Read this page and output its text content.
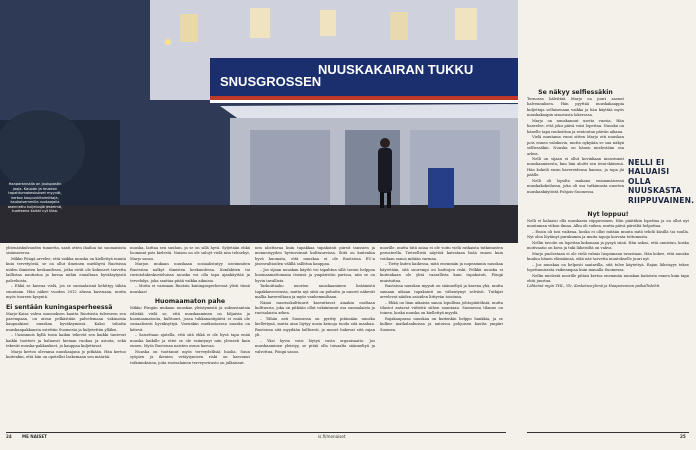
SNUSGROSSEN
NUUSKAKAIRAN TUKKU
Haaparannalla on joulupostin jaaja. Kaupan ja museon tapahtumakeskukset myyvät, kertoo kaupunkitoimittaja, kaukaisemmilla ruokaajalla asennettu kuljetusjärjestelmä, tuotteena kaikki nyt tilaa.

yhtenäiskulvauden tunnetta, saati otten ihailua tai suomaisista sisämaveroa.

Mikko Pöngä arvelee, että vaikka nuuska on kiellettyä muuta kuin tervetyöstä, se on ollut ilmeinen mielihyvä Ruotsissa niiden ihmisten keskuudessa, jotka eivät ole kokeneet tarvetta laillistaa nautintoa ja kuvaa niihin ennaltaan hyväksytyistä palveluista.

– Ehkä se kasvaa vielä, jos se suomalaisnä kehittyy tähän suuntaan. Hän näkee vuoden 2012 alussa kasvuaan, mutta myös tuoreen kysyntä.

Ei sentään kuningasperheessä

Marjo-Kaisa vahva muonoksen kautta Ruotsista tuleeseen sen parempaan, on aivan pelkästään palvelemaan vakinaisia kaupunkiasi nuuskan hyväksymissä. Kaksi tuhatta nuuskanpakkausta ostettiin Suomesta ja kuljetettiin ylläksi.

– Uusmmuis kyllä tosin kaikin tekevät sen kaikki tuntevat kaikki tuotteet ja haluavat hieman ruokaa ja asioita, sekä tekevät nuuska-pakkaukset, ja kauppaa kuljettavat.

Marjo kertoo olevansa nuuskaajana jo pitkään. Hän kertoo kuitenkin, että hän on opetellut laskemaan sen määrää.

nuuska, laittaa sen suuhun, ja se on sillä hyvä. Syljetään ehkä loommat pois kielestä. Naisen on ole suloyt vielä niin tehnehyt, Marjo sanoo.

Marjon mukaan nuuskaan sosiaalistutyy useimmiten Ruotsissa nalkyt ihmisten keskuudessa. Konfaktien tai ravintolakeskusteluissa nuuska voi olla tapa ajankäyttää ja tervehdys, joka saattaa pitää vaikka aikuisia.

– Mutta ei varmaan Ruotsin kuningasperheessä ylisti tässä nuuskaa!

Huomaamaton pahe

Mikko Pöngän mukaan nuuskan yleistymistä ja suksustantsia edistää vielä se, että nuuskaaminen on hiljaista ja huomaamatonta, kulttuuri, jossa tuhkanantipäivä ei enää ole sosiaalisesti hyväksyttyä. Varsinkin matkustaessa nuuska on kätevä.

– Saisettaan ajatella, että sitä ehkä ei ole hyvä tapa enää nuuska kaikille ja ettei se ole esiintynyt niin yleisesti kuin ennen. Myös Ruotsissa naisten osuus kasvaa.

Nuuska on tuottanut myös terveydellisiä huolia. Suun syöpien ja ikenien vetäytymisen riski on kasvanut tutkimuksissa, joita ruotsalainen terveysvirasto on julkaissut.

nen aloittavaa kuin tupakkaa tupakointi piirsit tanssien ja menneisyyden hyvinvoinnit kulttuureissa. Siitä on kuitenkin hyvä huomata, että nuuskaa ei ole Ruotsissa EU:n jäsenvaltioiden välillä sallittua kauppaa.

– Jos sijaan nuuskan käyttö voi tapahtua sillä tavoin helppoa huomaamattomana itsensä ja ympäristön parissa, niin se on hyvin tavallista.

Tarkoittaako nuorten nuuskaaminen lisäämistä tupakkaverotusta, mutta nyt siitä on puhuttu ja nuoret näkevät mallia kavereiltaan ja myös vanhemmiltaan.

Nämä nuorisokulttuurit kasvattavat ainakin osaltaan kulttuuria, joka on pitkään ollut vakiintunut osa suomalaista ja ruotsalaista arkea.

– Tähän asti Suomessa on pyritty pitämään nuuska kiellettynä, mutta aina löytyy uusia keinoja tuoda sitä maahan. Ruotsissa sitä myydään laillisesti, ja monet hakevat sitä rajan yli.

– Yksi hyvin voisi löytyä vasta organisaatio. Jos nuuskaaminen yleistyy, se pitää olla toisaalta säänneltyä ja valvottua, Pöngä sanoo.

nuorille, mutta tätä asiaa ei ole voitu vielä ratkaista tutkimusten perusteella. Tieteellistä näyttöä kaivataan lisää ennen kuin voidaan sanoa mitään varmaa.

– Tietty kuten kaikessa, mitä enemmän ja nopeammin nuuskaa käytetään, sitä suurempi on haittojen riski. Pelkkä nuuska ei kuitenkaan ole yhtä vaarallista kuin tupakointi, Pöngä muistuttaa.

Ruotsissa nuuskan myynti on säänneltyä ja kasvaa yhä, mutta samaan aikaan tupakointi on vähentynyt selvästi. Tutkijat arvelevat näiden asioiden liittyvän toisiinsa.

– Ehkä on liian aikaista sanoa lopullisia johtopäätöksiä, mutta tilastot antavat viitteitä siihen suuntaan. Suomessa tilanne on toinen, koska nuuska on kiellettyä myydä.

Rajakaupassa nuuskaa on kuitenkin helppo hankkia, ja se kulkee matkalaukuissa ja autoissa pohjoisen kautta ympäri Suomea.

Se näkyy selfiessäkin

Tornossa hälvittää Marjo on juuri saanut halvennuksen. Hän pyyttää nuuskakaappia kuljettaja sellaisenaan vaikka ja hän käyttää myös nuuskakaapin sisustusta lokerossa.

Marjo on nuuskannut useita vuosia. Hän haavelee, että joku päivä voisi lopettaa. Nuuska on hänelle tapa rauhoittua ja rentoutua päivän aikana.

Vielä muutama vuosi sitten Marjo otti nuuskan pois ennen valokuvia, mutta nykyään se saa näkyä selfiessäkin. Nuuska on hänen mielestään osa arkea.

Nelli on sijaan ei ollut kovinkaan innostunut nuuskaamisesta, kun hän aloitti sen teini-ikäisenä. Hän kokeili ensin kavereidensa kanssa, ja tapa jäi päälle.

Nelli oli lopulta mukana ensimmäisessä nuuskakokeilussa, joka oli osa tutkimusta nuorten nuuskankäytöstä Pohjois-Suomessa.

NELLI EI HALUAISI OLLA NUUSKASTA RIIPPUVAINEN.
Nyt loppuu!

Nelli ei haluaisi olla nuuskasta riippuvainen. Hän päättikin lopettaa ja on ollut nyt muutaman viikon ilman. Alku oli vaikea, mutta päivä päivältä helpottaa.

– Ensin oli tosi vaikeaa, koska ei ollut mitään muuta mitä tehdä käsillä tai suulla. Nyt olen löytänyt purukumin ja muita tapoja korvata tottumusta.

Nellin tavoite on lopettaa kokonaan ja pysyä siinä. Hän uskoo, että onnistuu, koska motivaatio on kova ja tuki läheisiltä on vahva.

Marjo puolestaan ei ole vielä valmis luopumaan tavastaan. Hän kokee, että nuuska kuuluu hänen elämäänsä, eikä näe tarvetta muutokselle juuri nyt.

– Jos nuuskaa on helposti saatavilla, sitä tulee käytettyä. Rajan läheisyys tekee lopettamisesta vaikeampaa kuin muualla Suomessa.

Nellin mielestä nuorille pitäisi kertoa enemmän nuuskan haitoista ennen kuin tapa ehtii juurtua.

Lähteinä myös THL, Yle, Kosketusryhmä ja Haaparannan paikallislehti.

24	ME NAISET	is.fi/menaiset	25
